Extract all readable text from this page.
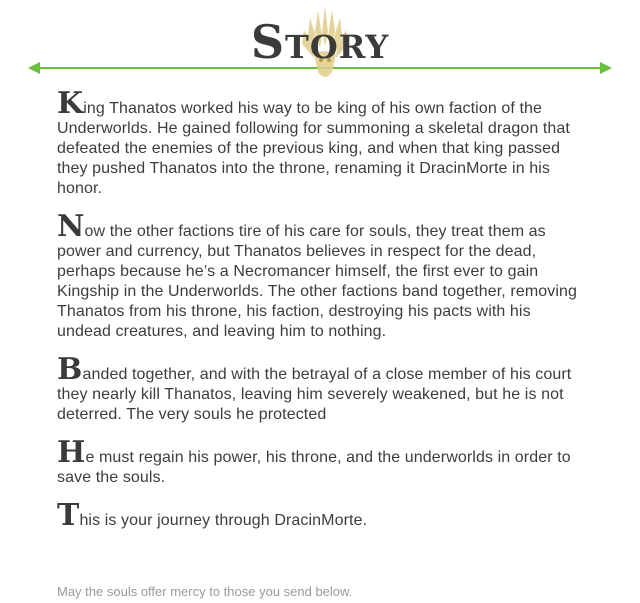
Story

King Thanatos worked his way to be king of his own faction of the Underworlds. He gained following for summoning a skeletal dragon that defeated the enemies of the previous king, and when that king passed they pushed Thanatos into the throne, renaming it DracinMorte in his honor.

Now the other factions tire of his care for souls, they treat them as power and currency, but Thanatos believes in respect for the dead, perhaps because he’s a Necromancer himself, the first ever to gain Kingship in the Underworlds. The other factions band together, removing Thanatos from his throne, his faction, destroying his pacts with his undead creatures, and leaving him to nothing.

Banded together, and with the betrayal of a close member of his court they nearly kill Thanatos, leaving him severely weakened, but he is not deterred. The very souls he protected

He must regain his power, his throne, and the underworlds in order to save the souls.

This is your journey through DracinMorte.

May the souls offer mercy to those you send below.
